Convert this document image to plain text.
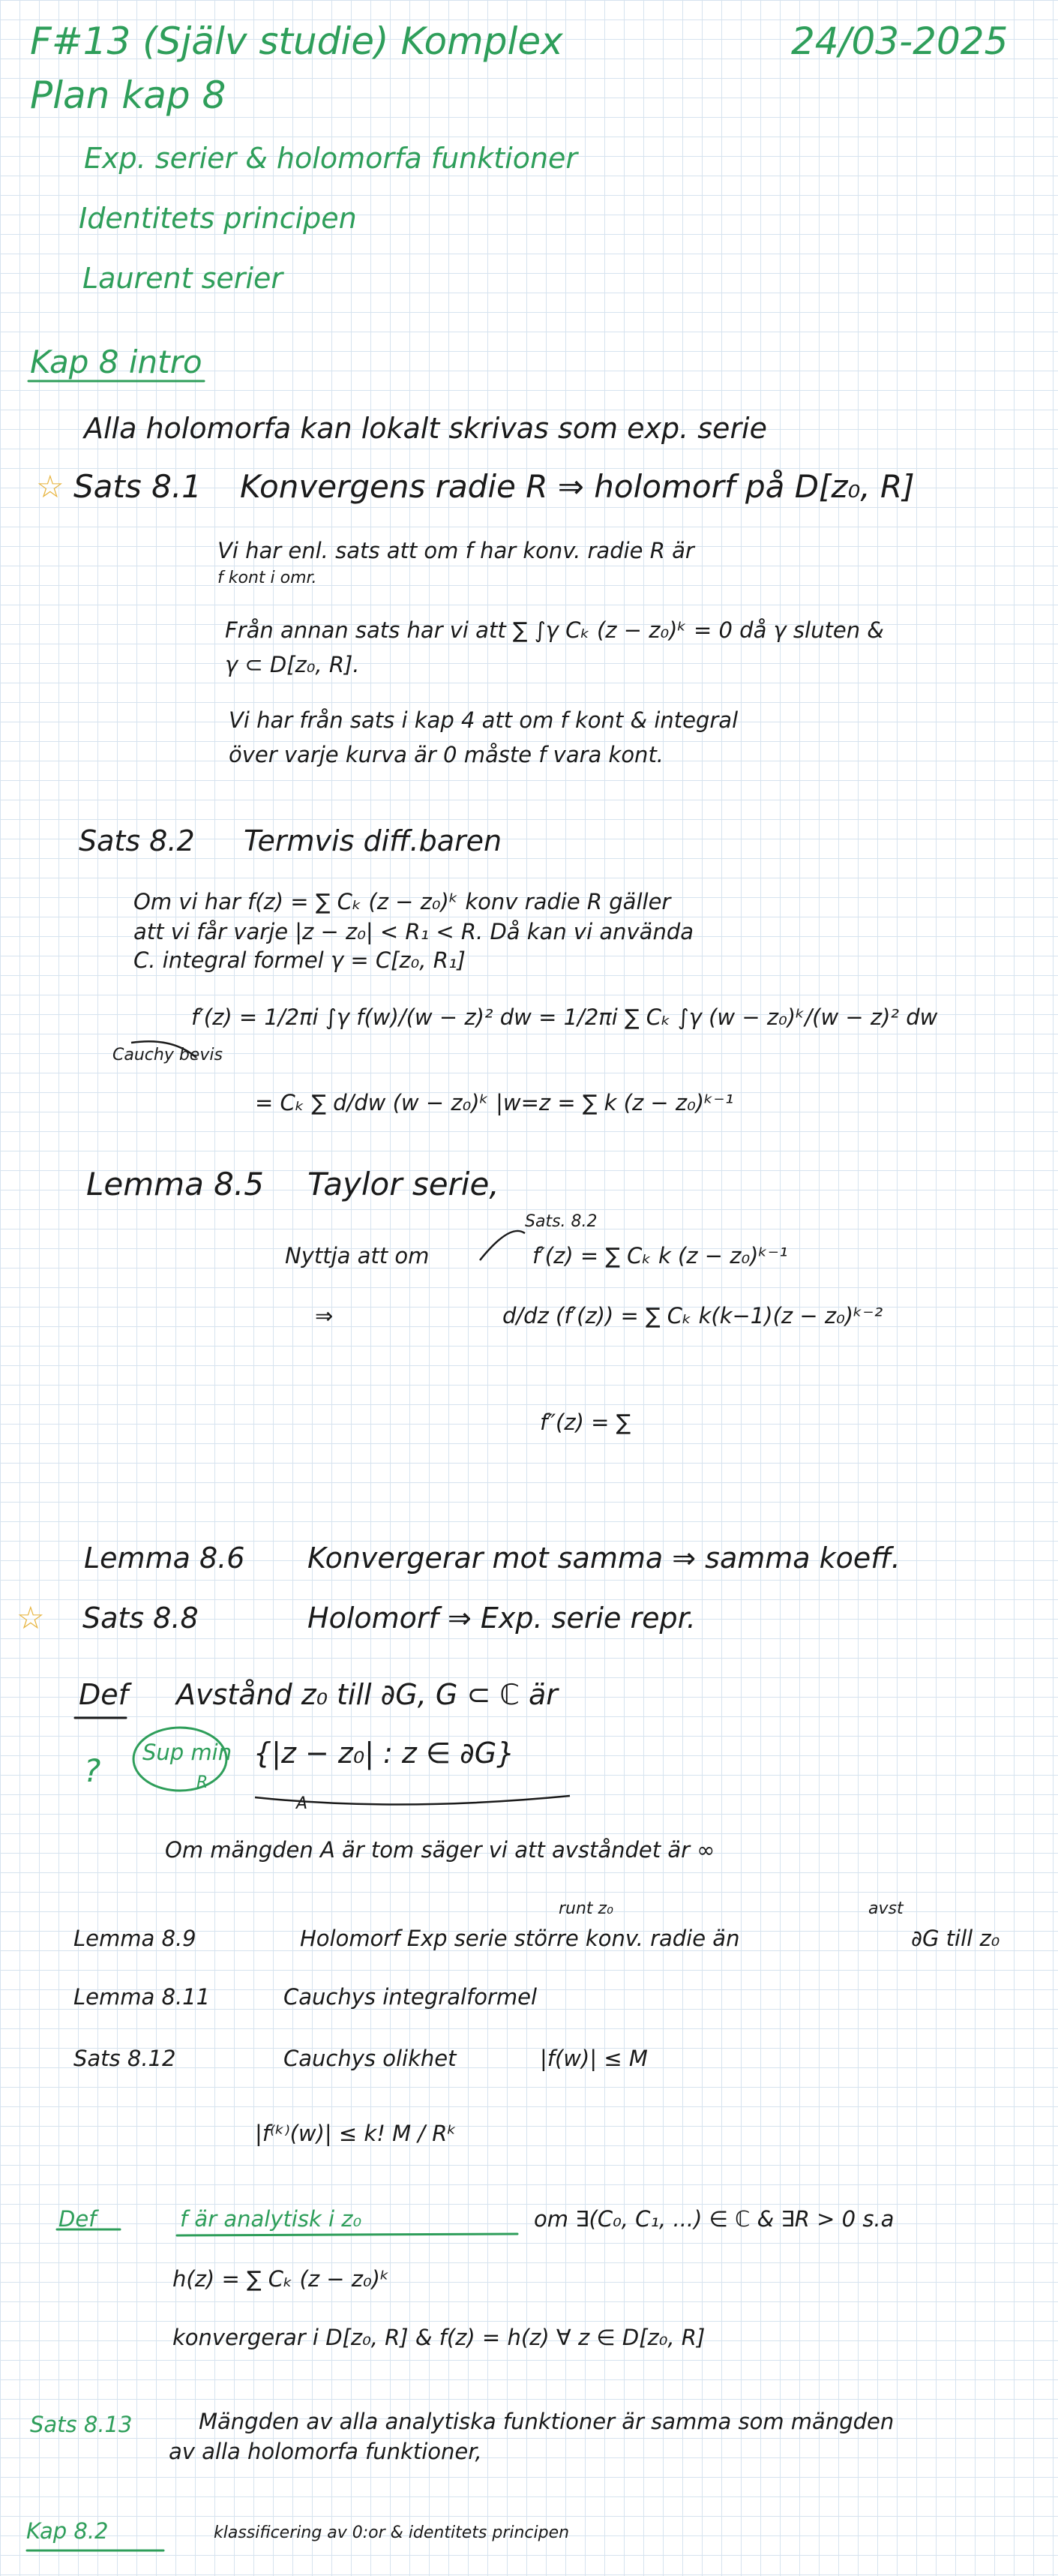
F#13 (Själv studie) Komplex	24/03-2025
Plan kap 8
Exp. serier & holomorfa funktioner
Identitets principen
Laurent serier
Kap 8 intro
Alla holomorfa kan lokalt skrivas som exp. serie
☆ Sats 8.1 Konvergens radie R ⇒ holomorf på D[z₀, R]
Vi har enl. sats att om f har konv. radie R är
f kont i omr.
Från annan sats har vi att ∑ ∫γ Cₖ (z − z₀)ᵏ = 0 då γ sluten &
γ ⊂ D[z₀, R].
Vi har från sats i kap 4 att om f kont & integral
över varje kurva är 0 måste f vara kont.
Sats 8.2 Termvis diff.baren
Om vi har f(z) = ∑ Cₖ (z − z₀)ᵏ konv radie R gäller
att vi får varje |z − z₀| < R₁ < R. Då kan vi använda
C. integral formel γ = C[z₀, R₁]
f′(z) = 1/2πi ∫γ f(w)/(w − z)² dw = 1/2πi ∑ Cₖ ∫γ (w − z₀)ᵏ/(w − z)² dw
Cauchy bevis
= Cₖ ∑ d/dw (w − z₀)ᵏ |w=z = ∑ k (z − z₀)ᵏ⁻¹
Lemma 8.5 Taylor serie,
Sats. 8.2
Nyttja att om	f′(z) = ∑ Cₖ k (z − z₀)ᵏ⁻¹
⇒	d/dz (f′(z)) = ∑ Cₖ k(k−1)(z − z₀)ᵏ⁻²
f″(z) = ∑
Lemma 8.6 Konvergerar mot samma ⇒ samma koeff.
☆ Sats 8.8	Holomorf ⇒ Exp. serie repr.
Def Avstånd z₀ till ∂G, G ⊂ ℂ är
? Sup min
R
{|z − z₀| : z ∈ ∂G}
A
Om mängden A är tom säger vi att avståndet är ∞
Lemma 8.9
runt z₀	avst
Holomorf Exp serie större konv. radie än	∂G till z₀
Lemma 8.11	Cauchys integralformel
Sats 8.12	Cauchys olikhet	|f(w)| ≤ M
|f⁽ᵏ⁾(w)| ≤ k! M / Rᵏ
Def	f är analytisk i z₀	om ∃(C₀, C₁, ...) ∈ ℂ & ∃R > 0 s.a
h(z) = ∑ Cₖ (z − z₀)ᵏ
konvergerar i D[z₀, R] & f(z) = h(z) ∀ z ∈ D[z₀, R]
Sats 8.13	Mängden av alla analytiska funktioner är samma som mängden
av alla holomorfa funktioner,
Kap 8.2	klassificering av 0:or & identitets principen
